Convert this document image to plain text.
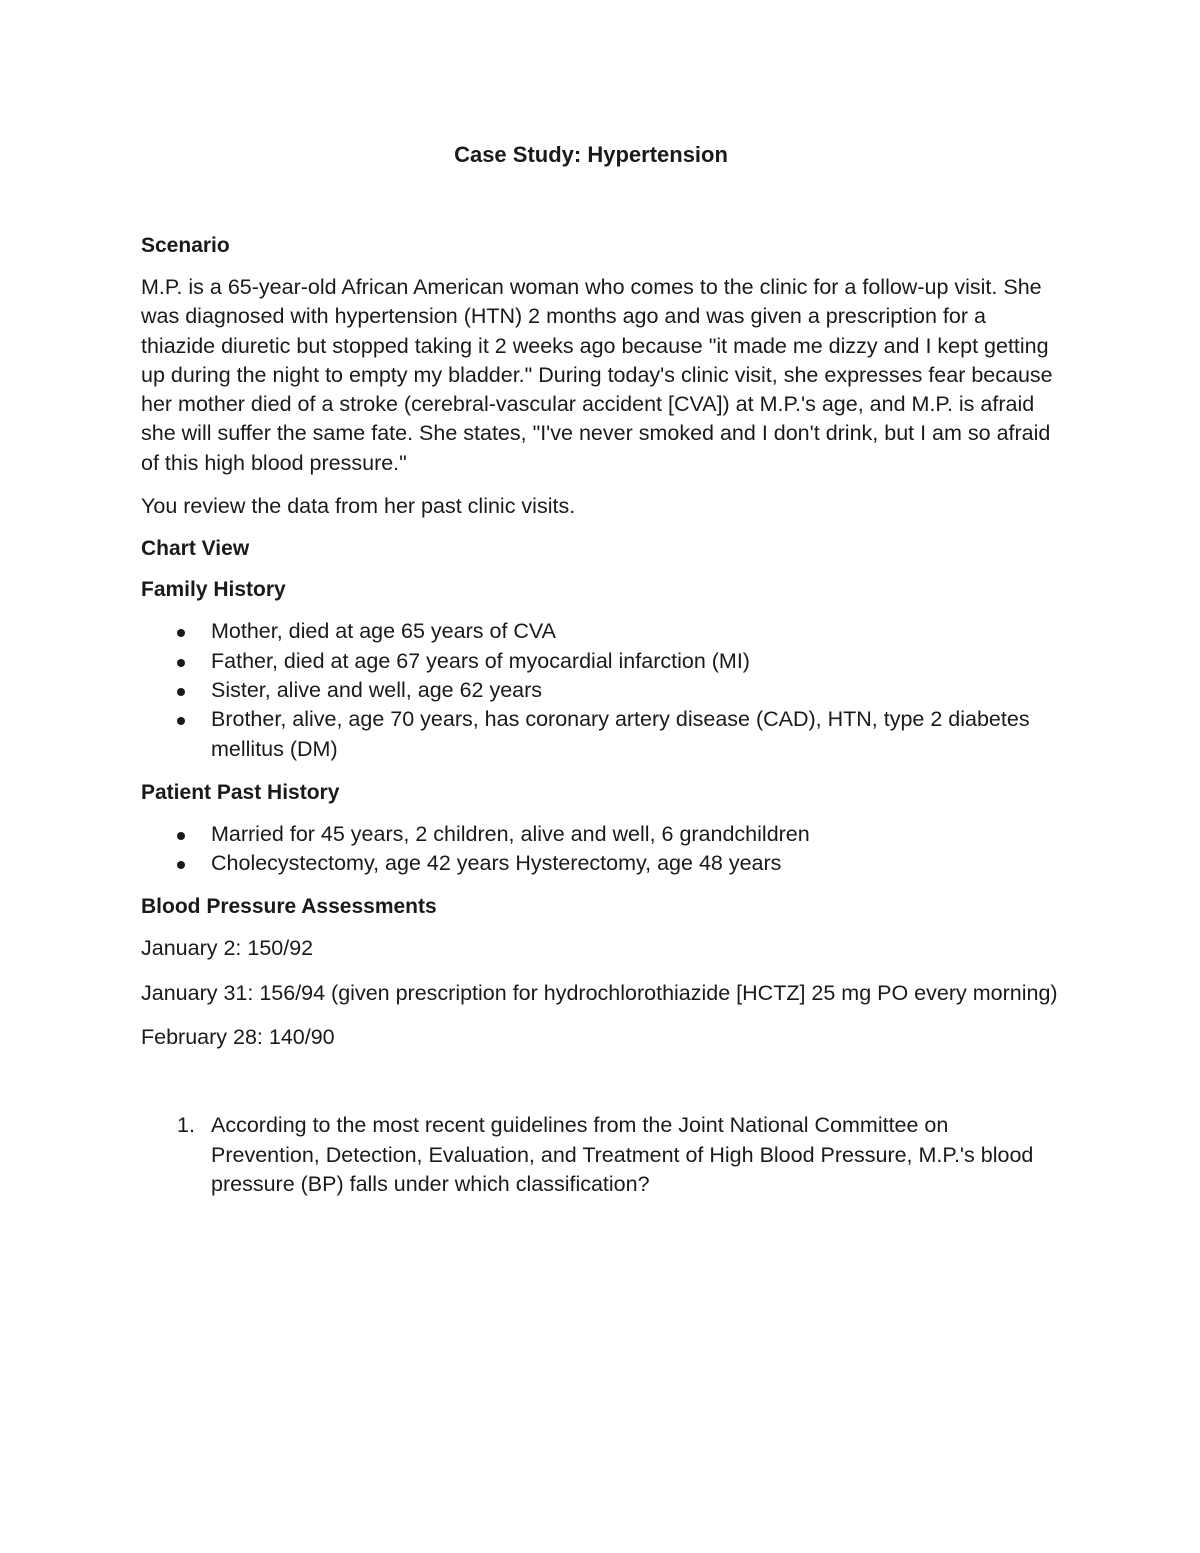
Case Study: Hypertension
Scenario

M.P. is a 65-year-old African American woman who comes to the clinic for a follow-up visit. She was diagnosed with hypertension (HTN) 2 months ago and was given a prescription for a thiazide diuretic but stopped taking it 2 weeks ago because "it made me dizzy and I kept getting up during the night to empty my bladder." During today's clinic visit, she expresses fear because her mother died of a stroke (cerebral-vascular accident [CVA]) at M.P.'s age, and M.P. is afraid she will suffer the same fate. She states, "I've never smoked and I don't drink, but I am so afraid of this high blood pressure."

You review the data from her past clinic visits.

Chart View
Family History
Mother, died at age 65 years of CVA
Father, died at age 67 years of myocardial infarction (MI)
Sister, alive and well, age 62 years
Brother, alive, age 70 years, has coronary artery disease (CAD), HTN, type 2 diabetes mellitus (DM)
Patient Past History
Married for 45 years, 2 children, alive and well, 6 grandchildren
Cholecystectomy, age 42 years Hysterectomy, age 48 years
Blood Pressure Assessments

January 2: 150/92

January 31: 156/94 (given prescription for hydrochlorothiazide [HCTZ] 25 mg PO every morning)

February 28: 140/90

1. According to the most recent guidelines from the Joint National Committee on Prevention, Detection, Evaluation, and Treatment of High Blood Pressure, M.P.'s blood pressure (BP) falls under which classification?
